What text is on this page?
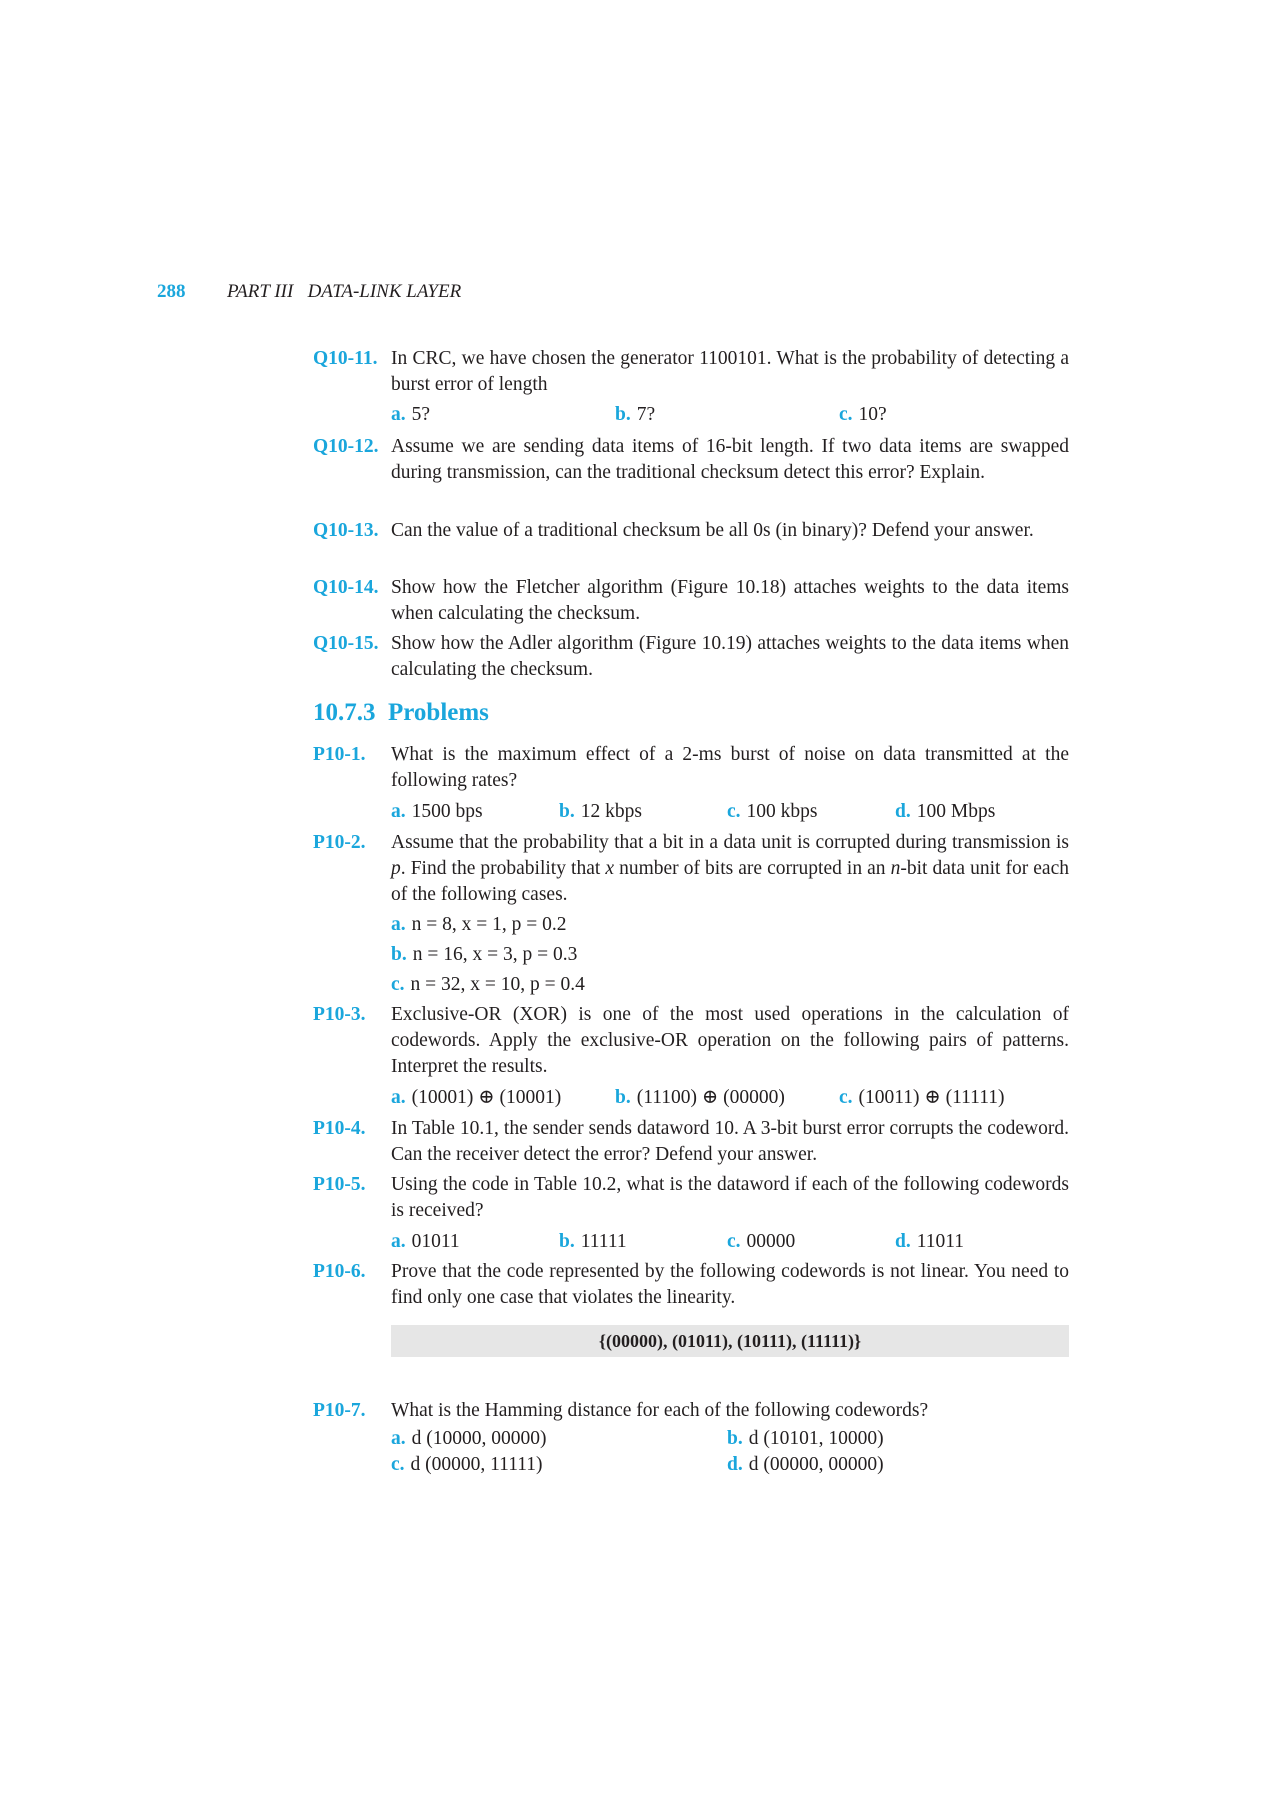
288 PART III DATA-LINK LAYER
Q10-11. In CRC, we have chosen the generator 1100101. What is the probability of detecting a burst error of length
a. 5?	b. 7?	c. 10?
Q10-12. Assume we are sending data items of 16-bit length. If two data items are swapped during transmission, can the traditional checksum detect this error? Explain.
Q10-13. Can the value of a traditional checksum be all 0s (in binary)? Defend your answer.
Q10-14. Show how the Fletcher algorithm (Figure 10.18) attaches weights to the data items when calculating the checksum.
Q10-15. Show how the Adler algorithm (Figure 10.19) attaches weights to the data items when calculating the checksum.
10.7.3 Problems
P10-1. What is the maximum effect of a 2-ms burst of noise on data transmitted at the following rates?
a. 1500 bps	b. 12 kbps	c. 100 kbps	d. 100 Mbps
P10-2. Assume that the probability that a bit in a data unit is corrupted during transmission is p. Find the probability that x number of bits are corrupted in an n-bit data unit for each of the following cases.
a. n = 8, x = 1, p = 0.2
b. n = 16, x = 3, p = 0.3
c. n = 32, x = 10, p = 0.4
P10-3. Exclusive-OR (XOR) is one of the most used operations in the calculation of codewords. Apply the exclusive-OR operation on the following pairs of patterns. Interpret the results.
a. (10001) ⊕ (10001)	b. (11100) ⊕ (00000)	c. (10011) ⊕ (11111)
P10-4. In Table 10.1, the sender sends dataword 10. A 3-bit burst error corrupts the codeword. Can the receiver detect the error? Defend your answer.
P10-5. Using the code in Table 10.2, what is the dataword if each of the following codewords is received?
a. 01011	b. 11111	c. 00000	d. 11011
P10-6. Prove that the code represented by the following codewords is not linear. You need to find only one case that violates the linearity.
{(00000), (01011), (10111), (11111)}
P10-7. What is the Hamming distance for each of the following codewords?
a. d (10000, 00000)	b. d (10101, 10000)
c. d (00000, 11111)	d. d (00000, 00000)
